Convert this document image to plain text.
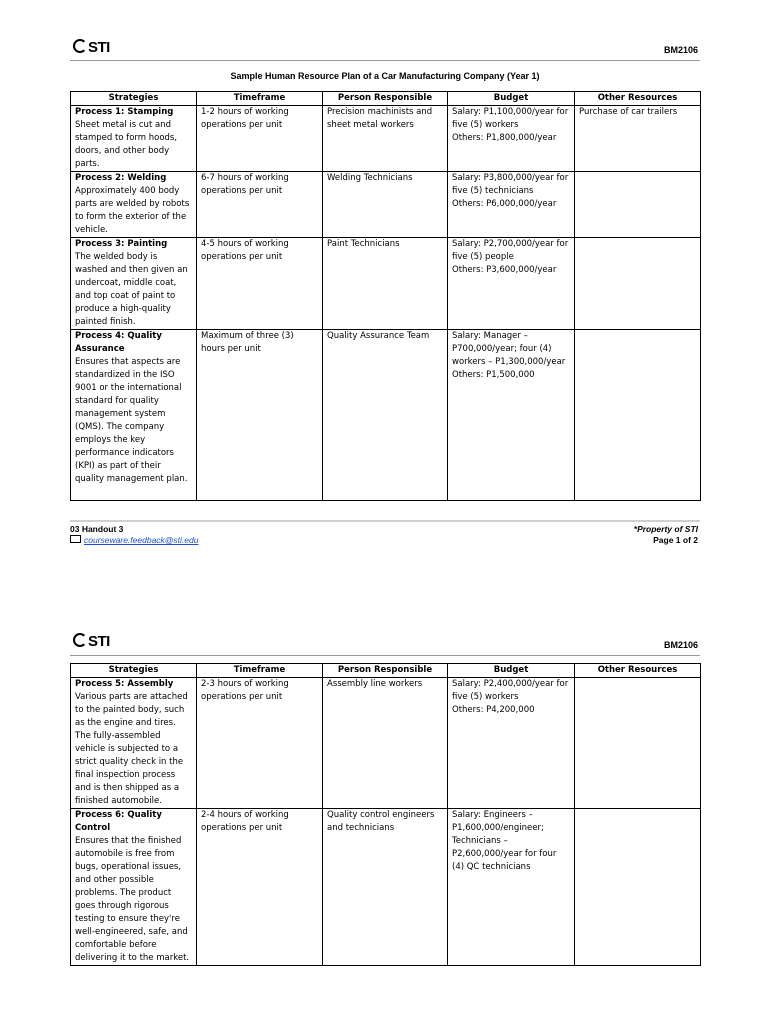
STI	BM2106
Sample Human Resource Plan of a Car Manufacturing Company (Year 1)
Strategies	Timeframe	Person Responsible	Budget	Other Resources

Process 1: Stamping
Sheet metal is cut and stamped to form hoods, doors, and other body parts.	1-2 hours of working operations per unit	Precision machinists and sheet metal workers	Salary: P1,100,000/year for five (5) workers
Others: P1,800,000/year	Purchase of car trailers

Process 2: Welding
Approximately 400 body parts are welded by robots to form the exterior of the vehicle.	6-7 hours of working operations per unit	Welding Technicians	Salary: P3,800,000/year for five (5) technicians
Others: P6,000,000/year	

Process 3: Painting
The welded body is washed and then given an undercoat, middle coat, and top coat of paint to produce a high-quality painted finish.	4-5 hours of working operations per unit	Paint Technicians	Salary: P2,700,000/year for five (5) people
Others: P3,600,000/year	

Process 4: Quality Assurance
Ensures that aspects are standardized in the ISO 9001 or the international standard for quality management system (QMS). The company employs the key performance indicators (KPI) as part of their quality management plan.	Maximum of three (3) hours per unit	Quality Assurance Team	Salary: Manager – P700,000/year; four (4) workers – P1,300,000/year
Others: P1,500,000	
03 Handout 3
courseware.feedback@sti.edu
*Property of STI
Page 1 of 2
STI	BM2106
Strategies	Timeframe	Person Responsible	Budget	Other Resources

Process 5: Assembly
Various parts are attached to the painted body, such as the engine and tires. The fully-assembled vehicle is subjected to a strict quality check in the final inspection process and is then shipped as a finished automobile.	2-3 hours of working operations per unit	Assembly line workers	Salary: P2,400,000/year for five (5) workers
Others: P4,200,000	

Process 6: Quality Control
Ensures that the finished automobile is free from bugs, operational issues, and other possible problems. The product goes through rigorous testing to ensure they're well-engineered, safe, and comfortable before delivering it to the market.	2-4 hours of working operations per unit	Quality control engineers and technicians	Salary: Engineers – P1,600,000/engineer; Technicians – P2,600,000/year for four (4) QC technicians	
